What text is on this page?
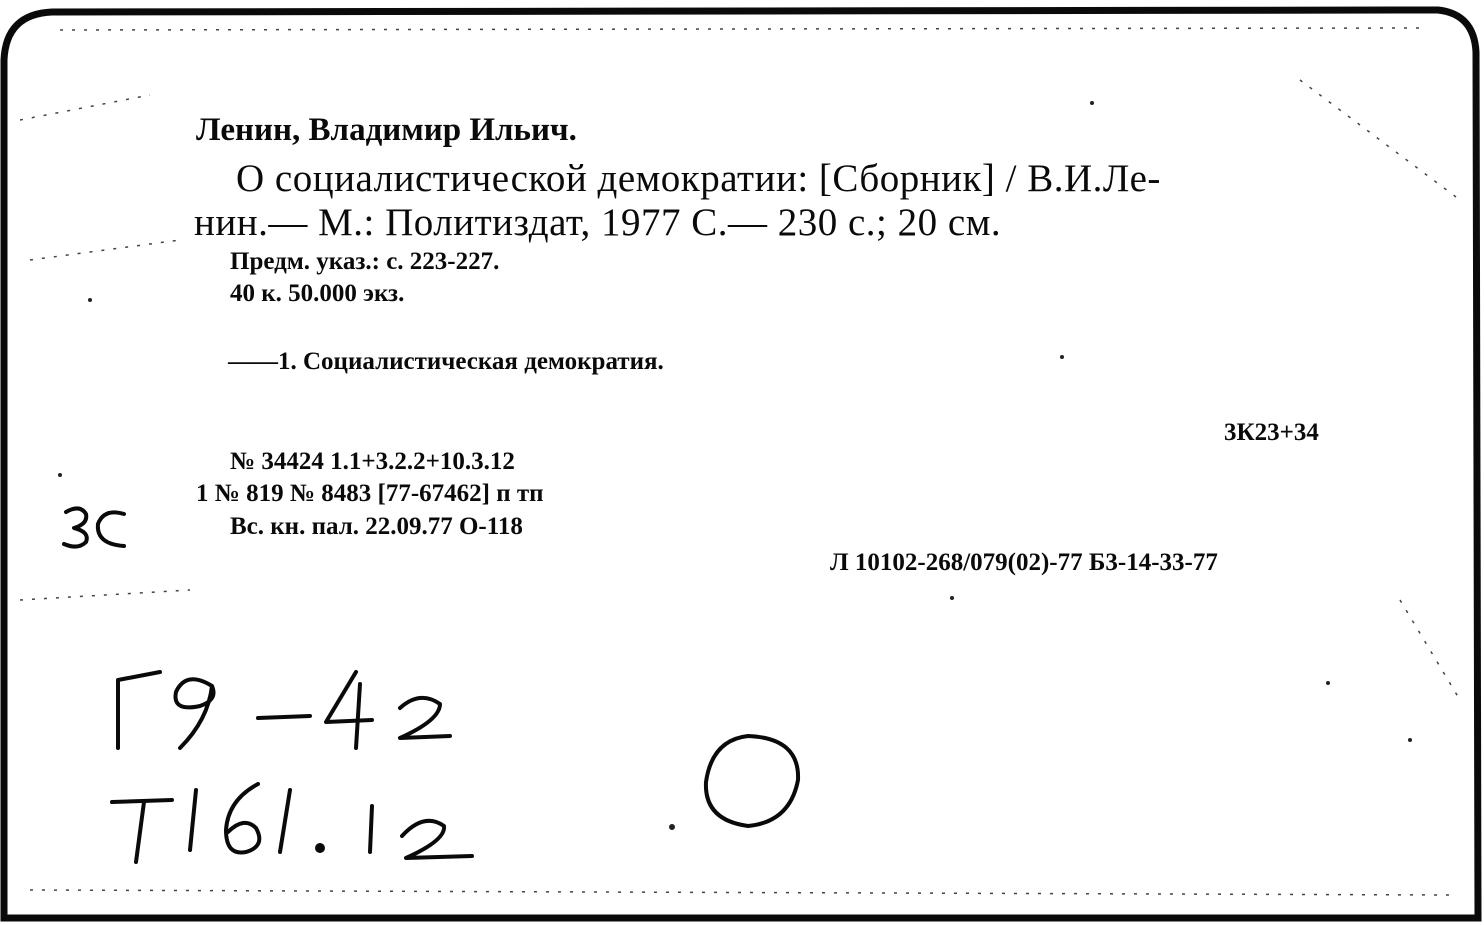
Ленин, Владимир Ильич.

О социалистической демократии: [Сборник] / В.И.Ле-

нин.— М.: Политиздат, 1977 С.— 230 с.; 20 см.

Предм. указ.: с. 223-227.

40 к. 50.000 экз.

——1. Социалистическая демократия.

3К23+34

№ 34424 1.1+3.2.2+10.3.12

1 № 819 № 8483 [77-67462] п тп

Вс. кн. пал. 22.09.77 О-118

Л 10102-268/079(02)-77 Б3-14-33-77
